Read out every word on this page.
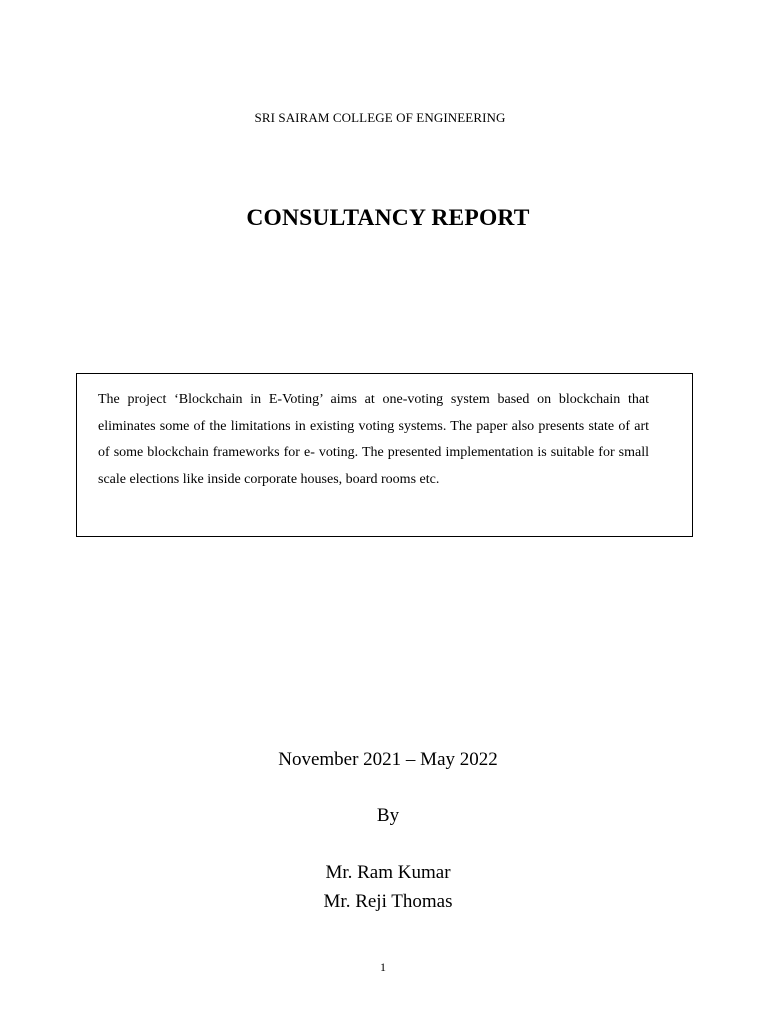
SRI SAIRAM COLLEGE OF ENGINEERING
CONSULTANCY REPORT

The project ‘Blockchain in E-Voting’ aims at one-voting system based on blockchain that eliminates some of the limitations in existing voting systems. The paper also presents state of art of some blockchain frameworks for e- voting. The presented implementation is suitable for small scale elections like inside corporate houses, board rooms etc.

November 2021 – May 2022
By
Mr. Ram Kumar
Mr. Reji Thomas
1
